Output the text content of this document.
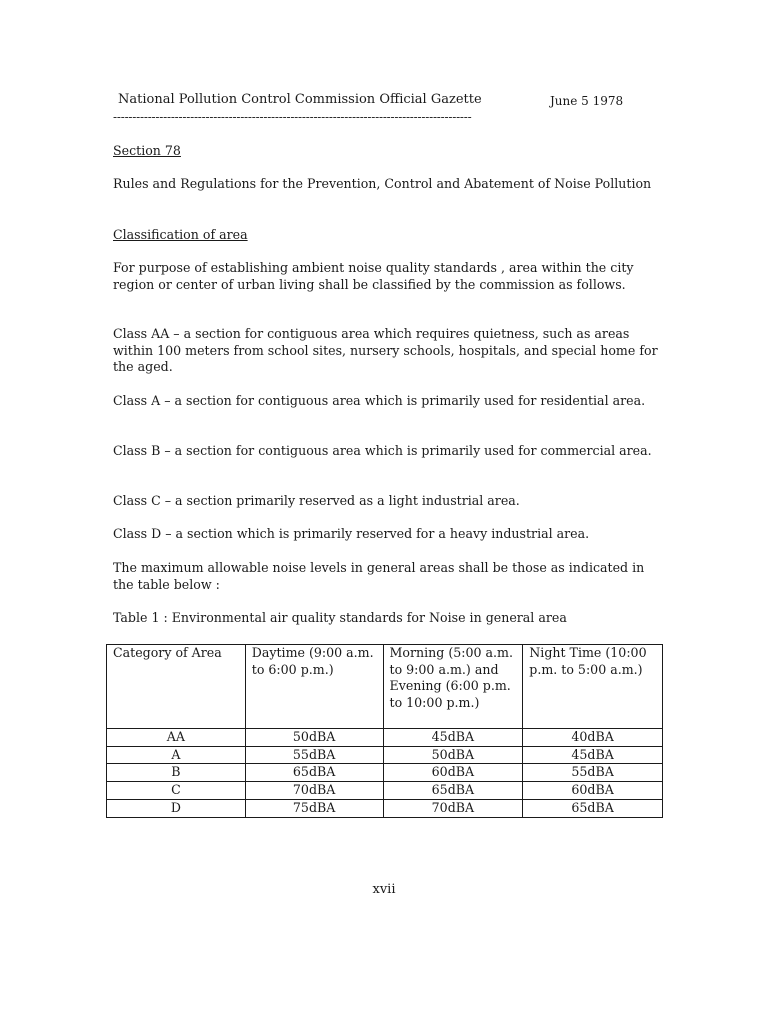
National Pollution Control Commission Official Gazette	June 5 1978
---------------------------------------------------------------------------------------------
Section 78
Rules and Regulations for the Prevention, Control and Abatement of Noise Pollution
Classification of area
For purpose of establishing ambient noise quality standards , area within the city region or center of urban living shall be classified by the commission as follows.
Class AA – a section for contiguous area which requires quietness, such as areas within 100 meters from school sites, nursery schools, hospitals, and special home for the aged.
Class A – a section for contiguous area which is primarily used for residential area.
Class B – a section for contiguous area which is primarily used for commercial area.
Class C – a section primarily reserved as a light industrial area.
Class D – a section which is primarily reserved for a heavy industrial area.
The maximum allowable noise levels in general areas shall be those as indicated in the table below :
Table 1 : Environmental air quality standards for Noise in general area
Category of Area	Daytime (9:00 a.m. to 6:00 p.m.)	Morning (5:00 a.m. to 9:00 a.m.) and Evening (6:00 p.m. to 10:00 p.m.)	Night Time (10:00 p.m. to 5:00 a.m.)
AA	50dBA	45dBA	40dBA
A	55dBA	50dBA	45dBA
B	65dBA	60dBA	55dBA
C	70dBA	65dBA	60dBA
D	75dBA	70dBA	65dBA
xvii
